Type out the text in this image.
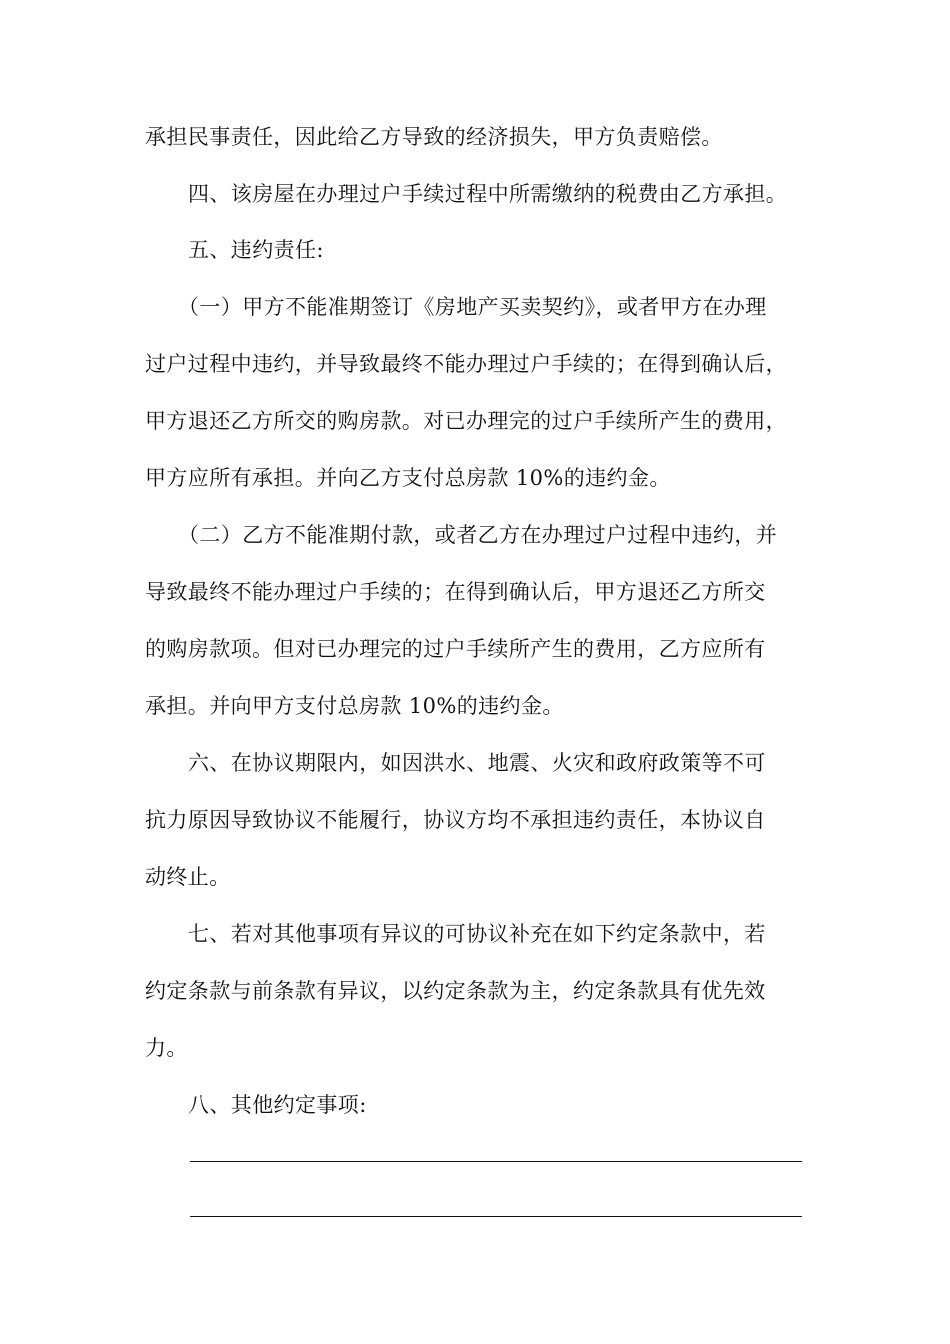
承担民事责任，因此给乙方导致的经济损失，甲方负责赔偿。
四、该房屋在办理过户手续过程中所需缴纳的税费由乙方承担。
五、违约责任:
（一）甲方不能准期签订《房地产买卖契约》，或者甲方在办理
过户过程中违约，并导致最终不能办理过户手续的；在得到确认后，
甲方退还乙方所交的购房款。对已办理完的过户手续所产生的费用，
甲方应所有承担。并向乙方支付总房款 10%的违约金。
（二）乙方不能准期付款，或者乙方在办理过户过程中违约，并
导致最终不能办理过户手续的；在得到确认后，甲方退还乙方所交
的购房款项。但对已办理完的过户手续所产生的费用，乙方应所有
承担。并向甲方支付总房款 10%的违约金。
六、在协议期限内，如因洪水、地震、火灾和政府政策等不可
抗力原因导致协议不能履行，协议方均不承担违约责任，本协议自
动终止。
七、若对其他事项有异议的可协议补充在如下约定条款中，若
约定条款与前条款有异议，以约定条款为主，约定条款具有优先效
力。
八、其他约定事项:
